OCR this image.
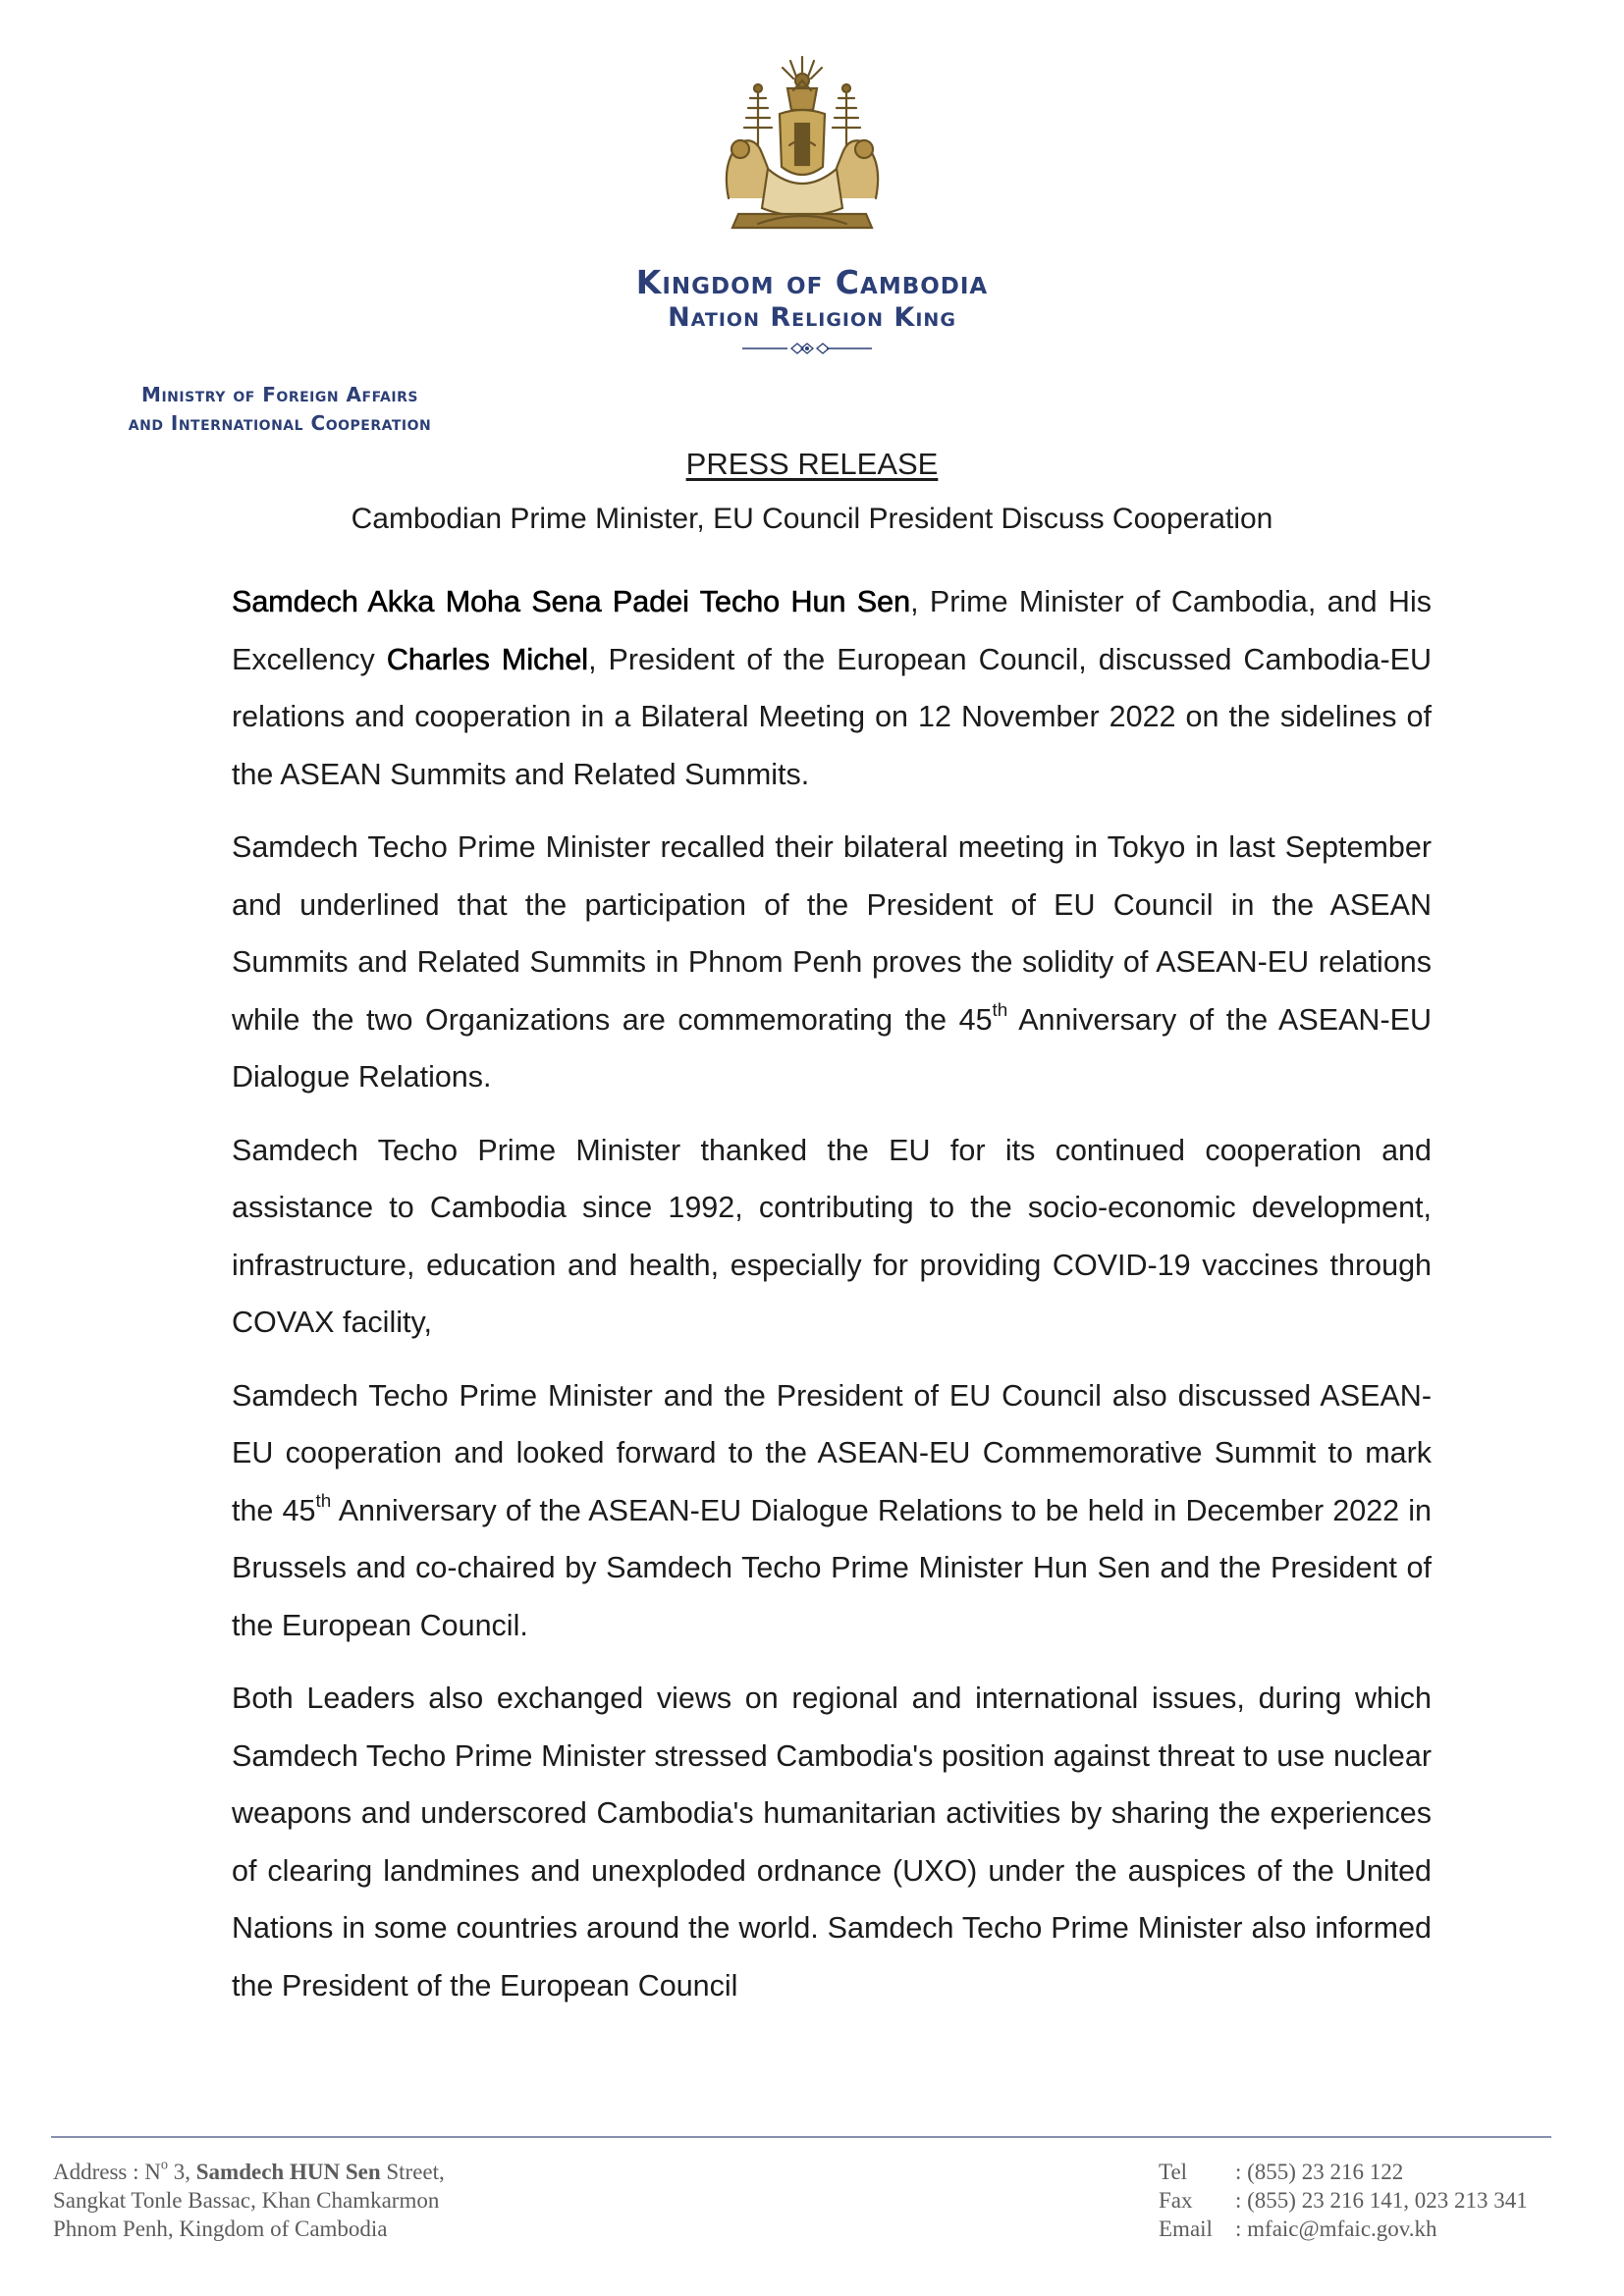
Kingdom of Cambodia
Nation Religion King
Ministry of Foreign Affairs
and International Cooperation
PRESS RELEASE
Cambodian Prime Minister, EU Council President Discuss Cooperation

Samdech Akka Moha Sena Padei Techo Hun Sen, Prime Minister of Cambodia, and His Excellency Charles Michel, President of the European Council, discussed Cambodia-EU relations and cooperation in a Bilateral Meeting on 12 November 2022 on the sidelines of the ASEAN Summits and Related Summits.

Samdech Techo Prime Minister recalled their bilateral meeting in Tokyo in last September and underlined that the participation of the President of EU Council in the ASEAN Summits and Related Summits in Phnom Penh proves the solidity of ASEAN-EU relations while the two Organizations are commemorating the 45th Anniversary of the ASEAN-EU Dialogue Relations.

Samdech Techo Prime Minister thanked the EU for its continued cooperation and assistance to Cambodia since 1992, contributing to the socio-economic development, infrastructure, education and health, especially for providing COVID-19 vaccines through COVAX facility,

Samdech Techo Prime Minister and the President of EU Council also discussed ASEAN-EU cooperation and looked forward to the ASEAN-EU Commemorative Summit to mark the 45th Anniversary of the ASEAN-EU Dialogue Relations to be held in December 2022 in Brussels and co-chaired by Samdech Techo Prime Minister Hun Sen and the President of the European Council.

Both Leaders also exchanged views on regional and international issues, during which Samdech Techo Prime Minister stressed Cambodia's position against threat to use nuclear weapons and underscored Cambodia's humanitarian activities by sharing the experiences of clearing landmines and unexploded ordnance (UXO) under the auspices of the United Nations in some countries around the world. Samdech Techo Prime Minister also informed the President of the European Council

Address : $N^o$ 3, Samdech HUN Sen Street,
Sangkat Tonle Bassac, Khan Chamkarmon
Phnom Penh, Kingdom of Cambodia
Tel : (855) 23 216 122
Fax : (855) 23 216 141, 023 213 341
Email : mfaic@mfaic.gov.kh
